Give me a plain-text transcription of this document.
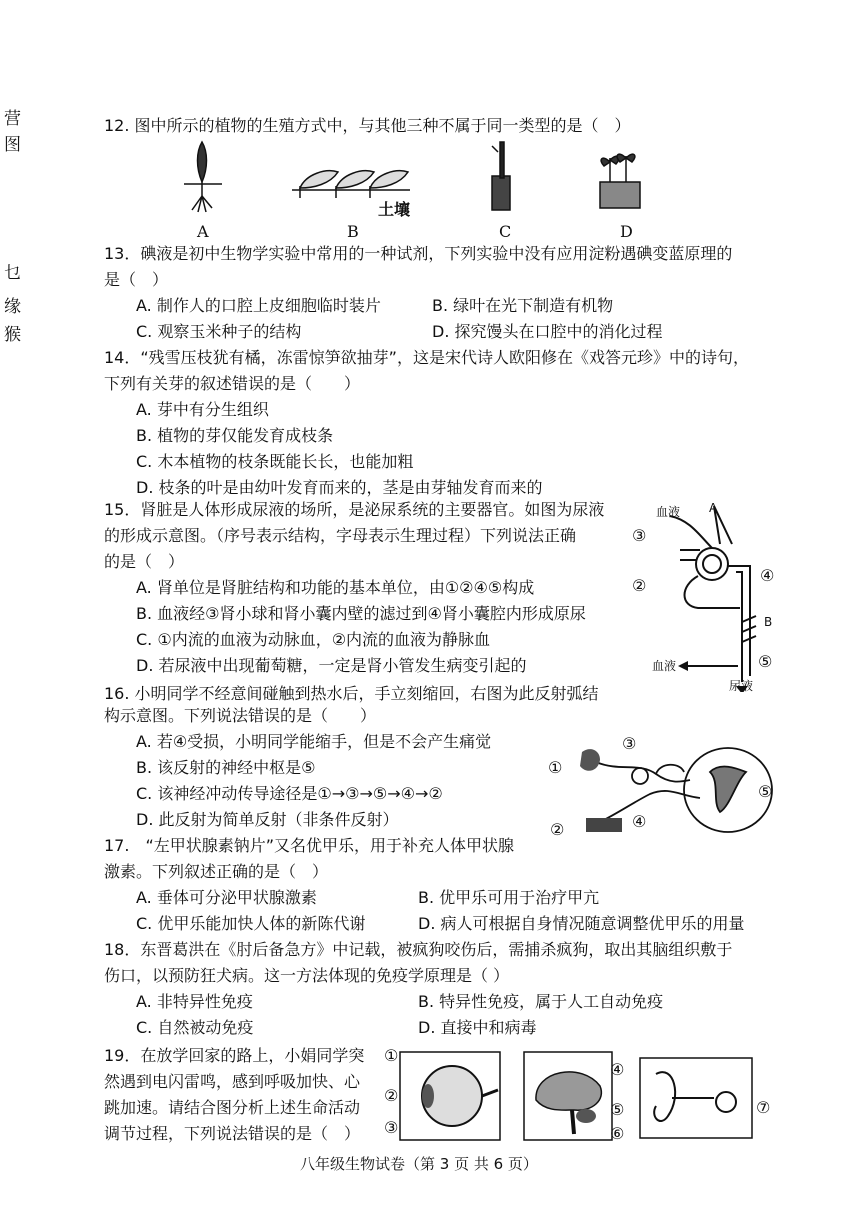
营
图
乜
缘
猴
12. 图中所示的植物的生殖方式中，与其他三种不属于同一类型的是（　）
A	B
土壤
C	D
13．碘液是初中生物学实验中常用的一种试剂，下列实验中没有应用淀粉遇碘变蓝原理的
是（　）
A. 制作人的口腔上皮细胞临时装片	B. 绿叶在光下制造有机物
C. 观察玉米种子的结构	D. 探究馒头在口腔中的消化过程
14．“残雪压枝犹有橘，冻雷惊笋欲抽芽”，这是宋代诗人欧阳修在《戏答元珍》中的诗句，
下列有关芽的叙述错误的是（　　）
A. 芽中有分生组织
B. 植物的芽仅能发育成枝条
C. 木本植物的枝条既能长长，也能加粗
D. 枝条的叶是由幼叶发育而来的，茎是由芽轴发育而来的
15．肾脏是人体形成尿液的场所，是泌尿系统的主要器官。如图为尿液
的形成示意图。（序号表示结构，字母表示生理过程）下列说法正确
的是（　）
A. 肾单位是肾脏结构和功能的基本单位，由①②④⑤构成
B. 血液经③肾小球和肾小囊内壁的滤过到④肾小囊腔内形成原尿
C. ①内流的血液为动脉血，②内流的血液为静脉血
D. 若尿液中出现葡萄糖，一定是肾小管发生病变引起的
血液 A
③
②
④
B
血液	⑤
尿液
16. 小明同学不经意间碰触到热水后，手立刻缩回，右图为此反射弧结
构示意图。下列说法错误的是（　　）
A. 若④受损，小明同学能缩手，但是不会产生痛觉
B. 该反射的神经中枢是⑤
C. 该神经冲动传导途径是①→③→⑤→④→②
D. 此反射为简单反射（非条件反射）
①
③
⑤
④
②
17.　“左甲状腺素钠片”又名优甲乐，用于补充人体甲状腺
激素。下列叙述正确的是（　）
A. 垂体可分泌甲状腺激素	B. 优甲乐可用于治疗甲亢
C. 优甲乐能加快人体的新陈代谢	D. 病人可根据自身情况随意调整优甲乐的用量
18．东晋葛洪在《肘后备急方》中记载，被疯狗咬伤后，需捕杀疯狗，取出其脑组织敷于
伤口，以预防狂犬病。这一方法体现的免疫学原理是（ ）
A. 非特异性免疫	B. 特异性免疫，属于人工自动免疫
C. 自然被动免疫	D. 直接中和病毒
19．在放学回家的路上，小娟同学突
然遇到电闪雷鸣，感到呼吸加快、心
跳加速。请结合图分析上述生命活动
调节过程，下列说法错误的是（　）
①
②
③
④
⑤
⑥
⑦
八年级生物试卷（第 3 页 共 6 页）
